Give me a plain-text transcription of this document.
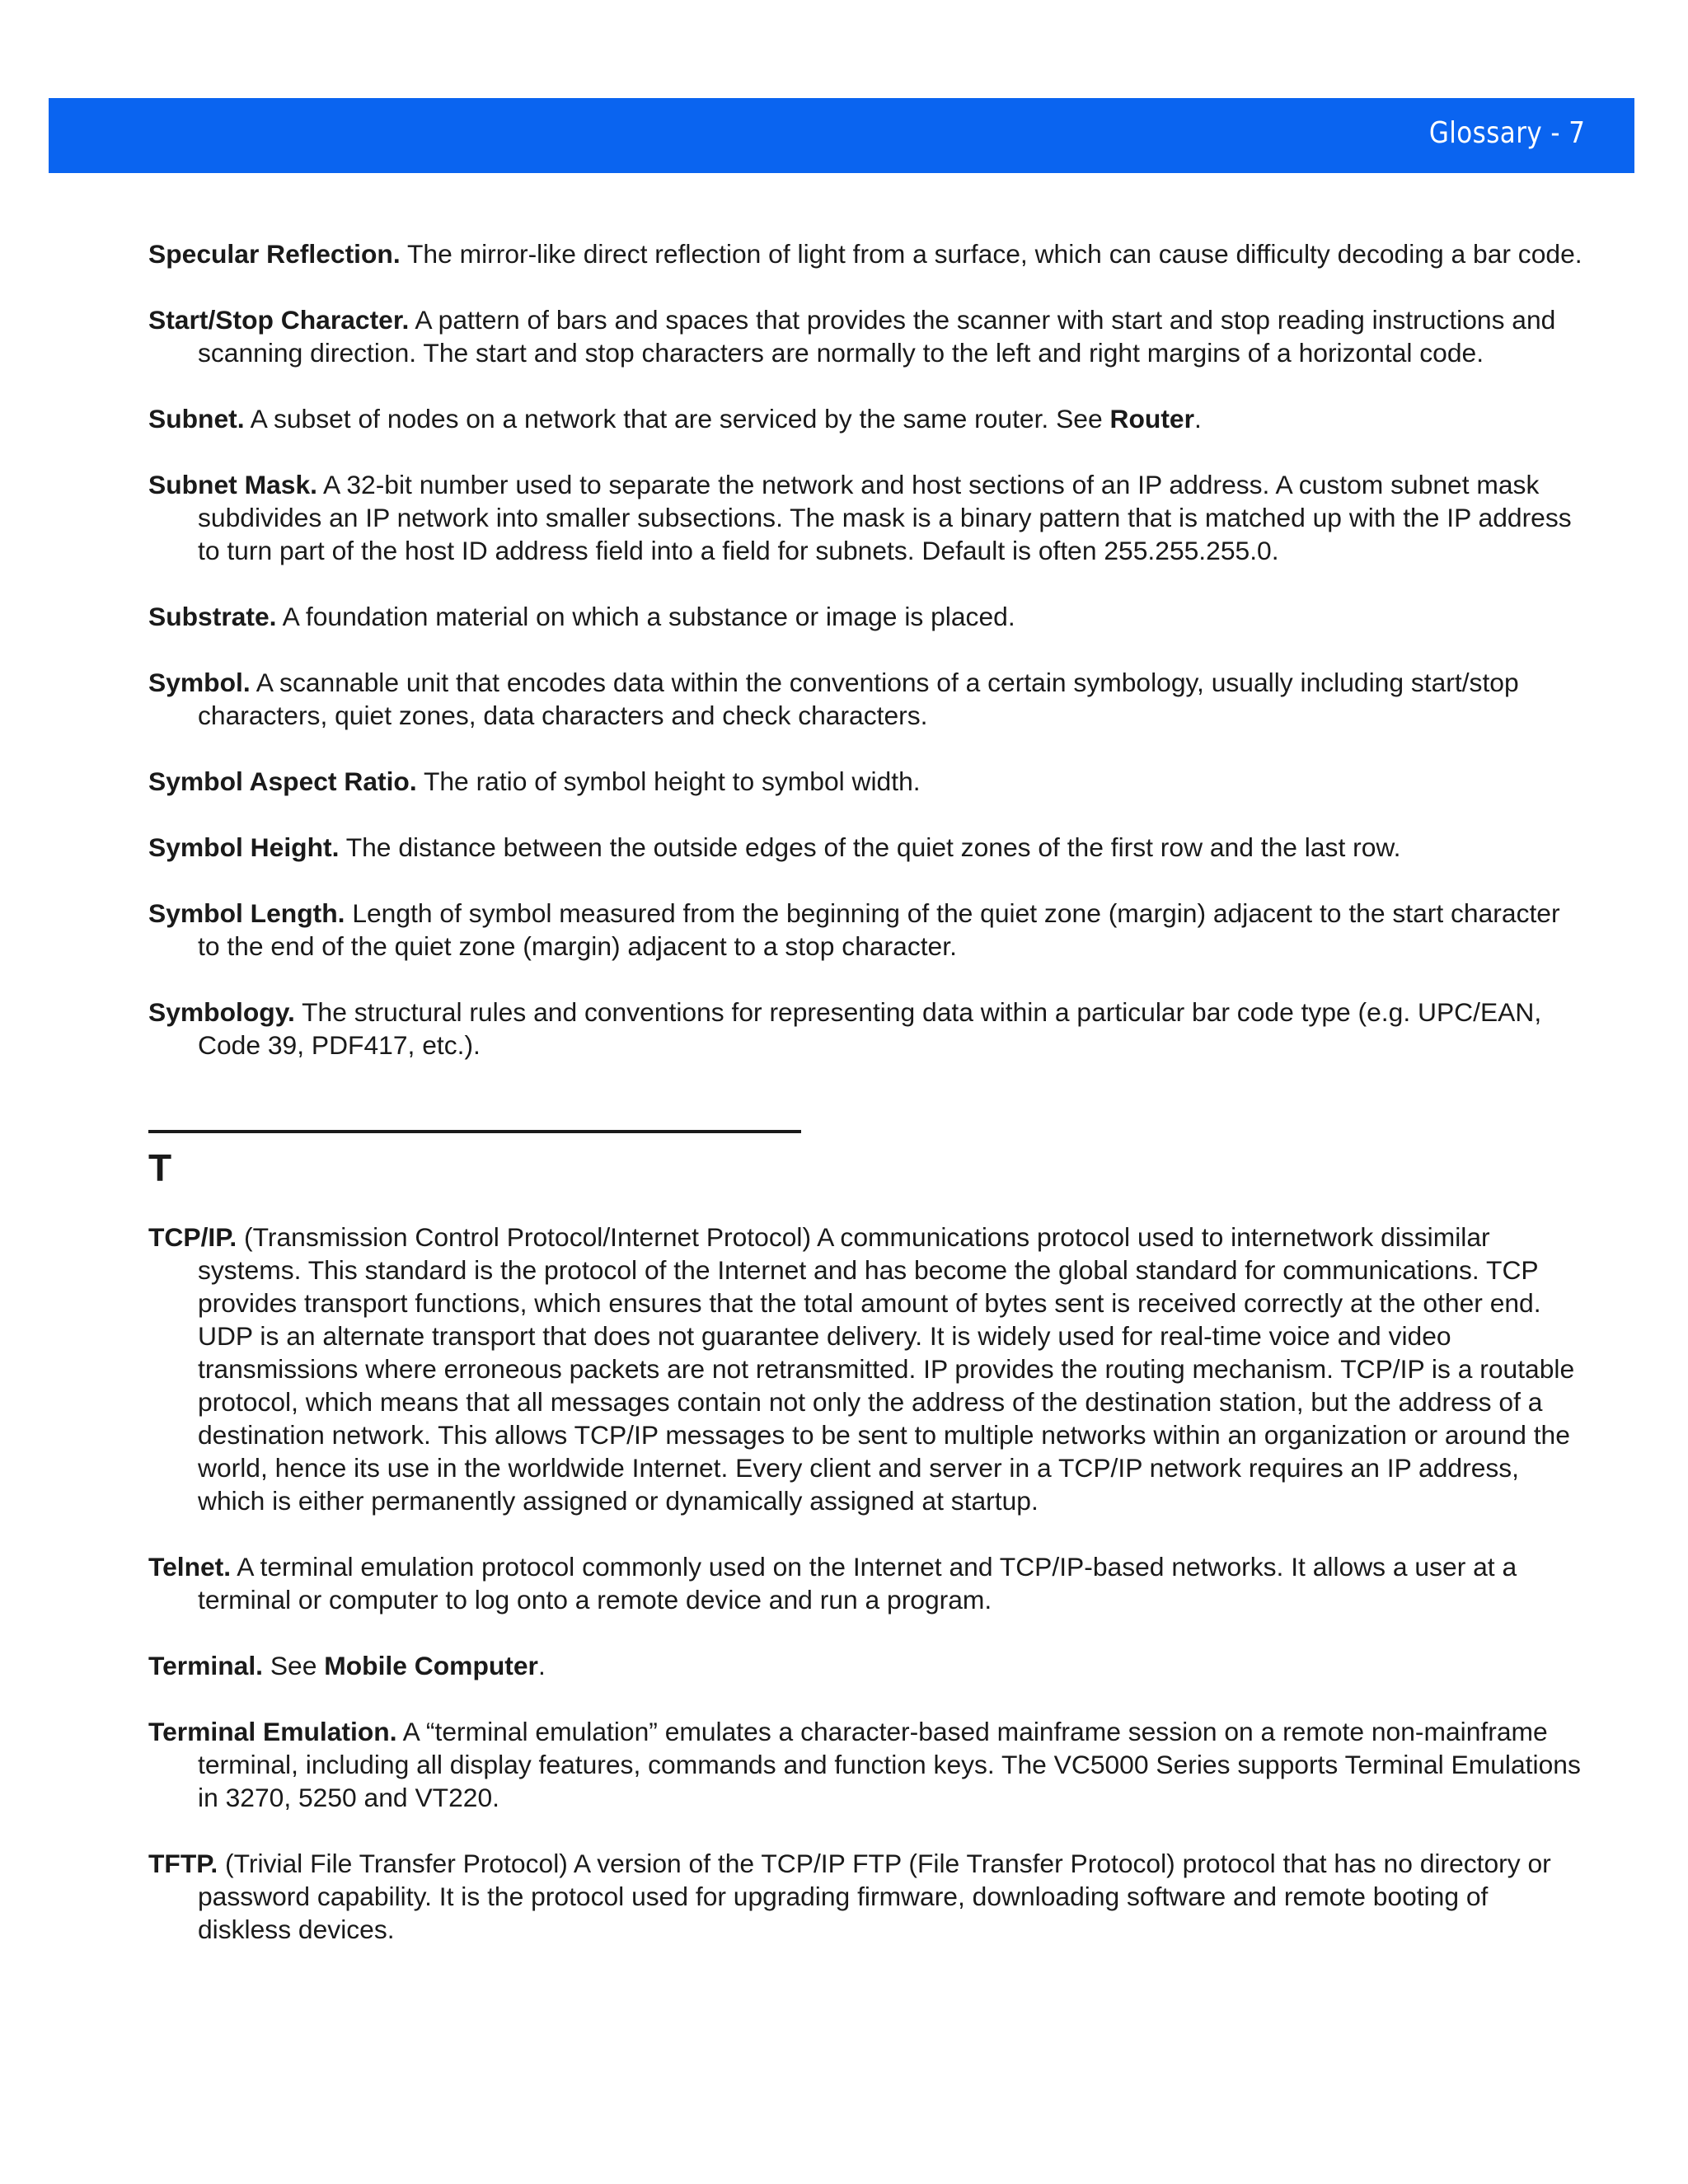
Glossary - 7

Specular Reflection. The mirror-like direct reflection of light from a surface, which can cause difficulty decoding a bar code.

Start/Stop Character. A pattern of bars and spaces that provides the scanner with start and stop reading instructions and scanning direction. The start and stop characters are normally to the left and right margins of a horizontal code.

Subnet. A subset of nodes on a network that are serviced by the same router. See Router.

Subnet Mask. A 32-bit number used to separate the network and host sections of an IP address. A custom subnet mask subdivides an IP network into smaller subsections. The mask is a binary pattern that is matched up with the IP address to turn part of the host ID address field into a field for subnets. Default is often 255.255.255.0.

Substrate. A foundation material on which a substance or image is placed.

Symbol. A scannable unit that encodes data within the conventions of a certain symbology, usually including start/stop characters, quiet zones, data characters and check characters.

Symbol Aspect Ratio. The ratio of symbol height to symbol width.

Symbol Height. The distance between the outside edges of the quiet zones of the first row and the last row.

Symbol Length. Length of symbol measured from the beginning of the quiet zone (margin) adjacent to the start character to the end of the quiet zone (margin) adjacent to a stop character.

Symbology. The structural rules and conventions for representing data within a particular bar code type (e.g. UPC/EAN, Code 39, PDF417, etc.).

T

TCP/IP. (Transmission Control Protocol/Internet Protocol) A communications protocol used to internetwork dissimilar systems. This standard is the protocol of the Internet and has become the global standard for communications. TCP provides transport functions, which ensures that the total amount of bytes sent is received correctly at the other end. UDP is an alternate transport that does not guarantee delivery. It is widely used for real-time voice and video transmissions where erroneous packets are not retransmitted. IP provides the routing mechanism. TCP/IP is a routable protocol, which means that all messages contain not only the address of the destination station, but the address of a destination network. This allows TCP/IP messages to be sent to multiple networks within an organization or around the world, hence its use in the worldwide Internet. Every client and server in a TCP/IP network requires an IP address, which is either permanently assigned or dynamically assigned at startup.

Telnet. A terminal emulation protocol commonly used on the Internet and TCP/IP-based networks. It allows a user at a terminal or computer to log onto a remote device and run a program.

Terminal. See Mobile Computer.

Terminal Emulation. A “terminal emulation” emulates a character-based mainframe session on a remote non-mainframe terminal, including all display features, commands and function keys. The VC5000 Series supports Terminal Emulations in 3270, 5250 and VT220.

TFTP. (Trivial File Transfer Protocol) A version of the TCP/IP FTP (File Transfer Protocol) protocol that has no directory or password capability. It is the protocol used for upgrading firmware, downloading software and remote booting of diskless devices.
